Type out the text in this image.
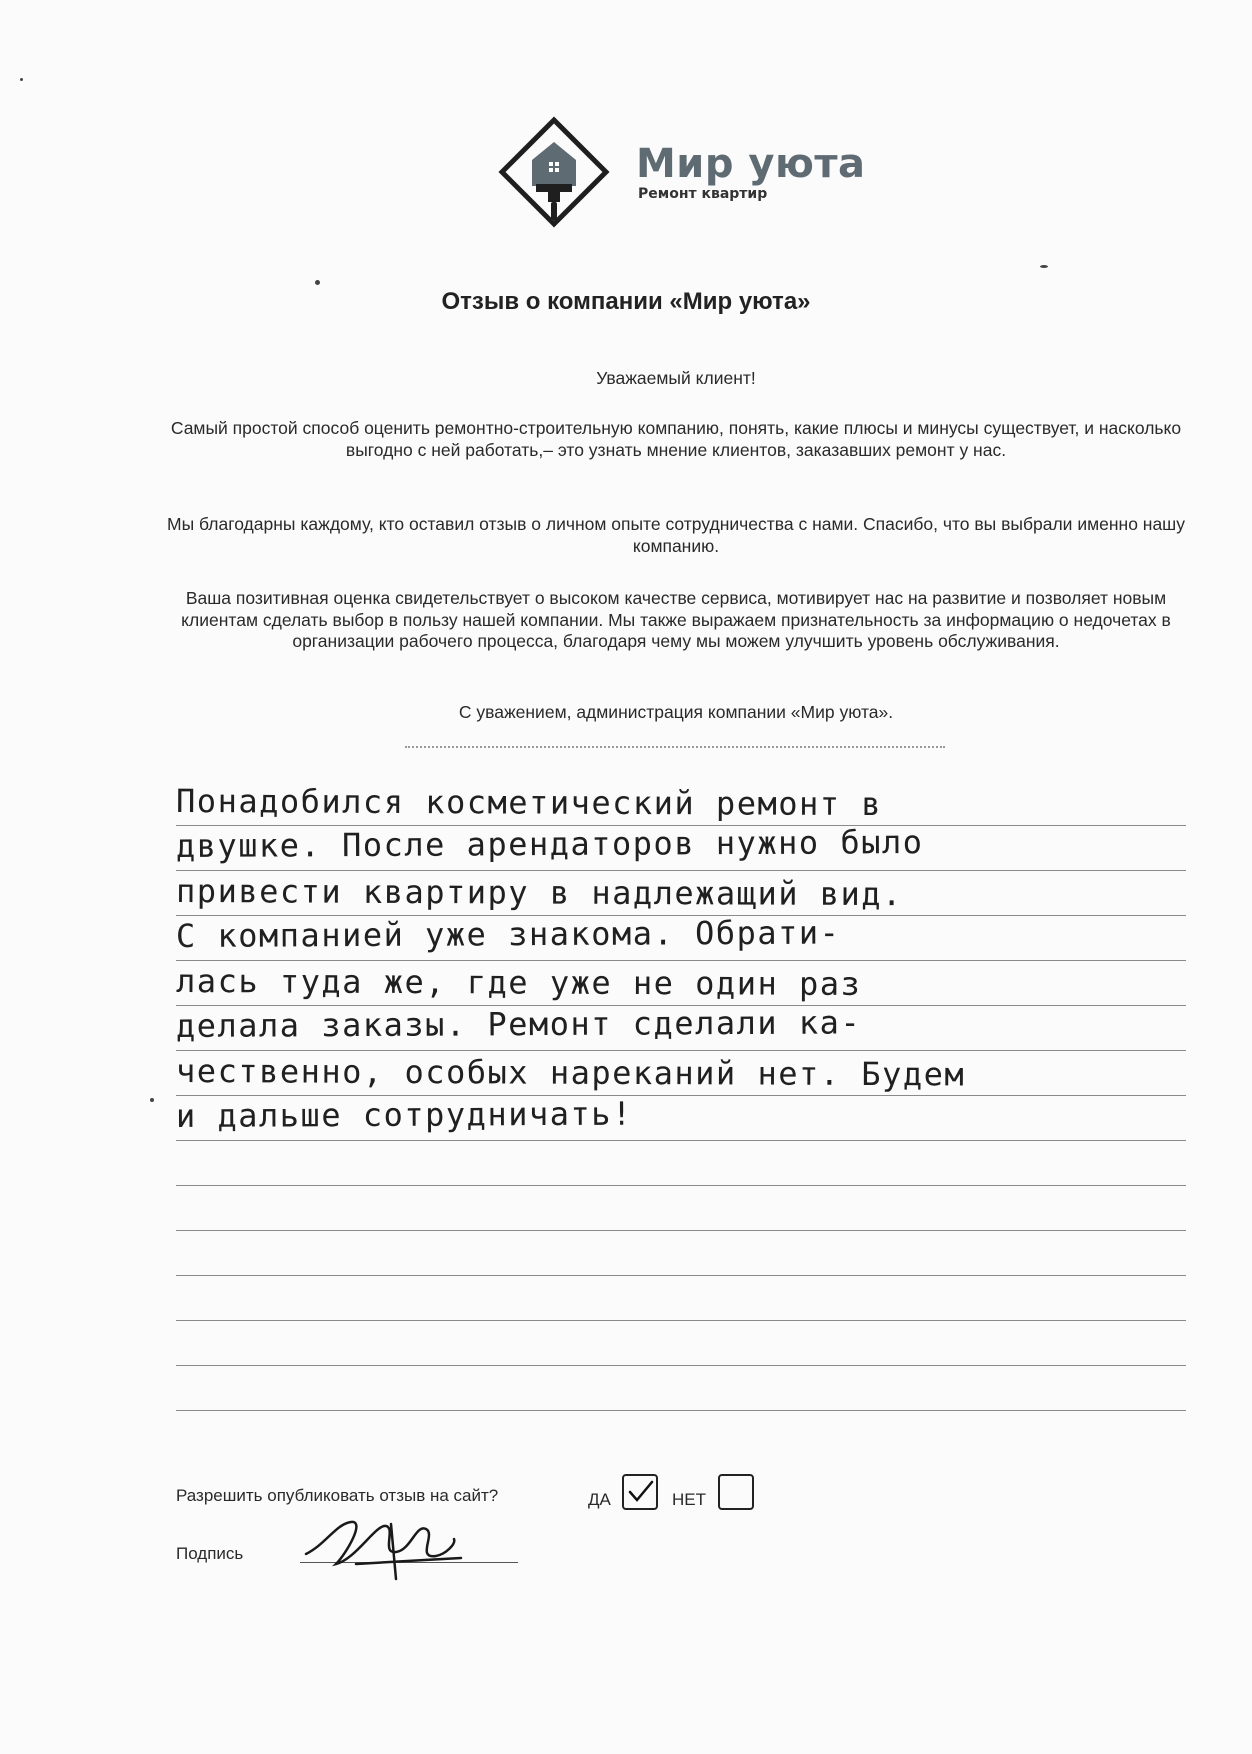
Мир уюта
Ремонт квартир
Отзыв о компании «Мир уюта»
Уважаемый клиент!
Самый простой способ оценить ремонтно-строительную компанию, понять, какие плюсы и минусы существует, и насколько выгодно с ней работать,– это узнать мнение клиентов, заказавших ремонт у нас.
Мы благодарны каждому, кто оставил отзыв о личном опыте сотрудничества с нами. Спасибо, что вы выбрали именно нашу компанию.
Ваша позитивная оценка свидетельствует о высоком качестве сервиса, мотивирует нас на развитие и позволяет новым клиентам сделать выбор в пользу нашей компании. Мы также выражаем признательность за информацию о недочетах в организации рабочего процесса, благодаря чему мы можем улучшить уровень обслуживания.
С уважением, администрация компании «Мир уюта».
Понадобился косметический ремонт в
двушке. После арендаторов нужно было
привести квартиру в надлежащий вид.
С компанией уже знакома. Обрати-
лась туда же, где уже не один раз
делала заказы. Ремонт сделали ка-
чественно, особых нареканий нет. Будем
и дальше сотрудничать!
Разрешить опубликовать отзыв на сайт?	ДА	НЕТ
Подпись
